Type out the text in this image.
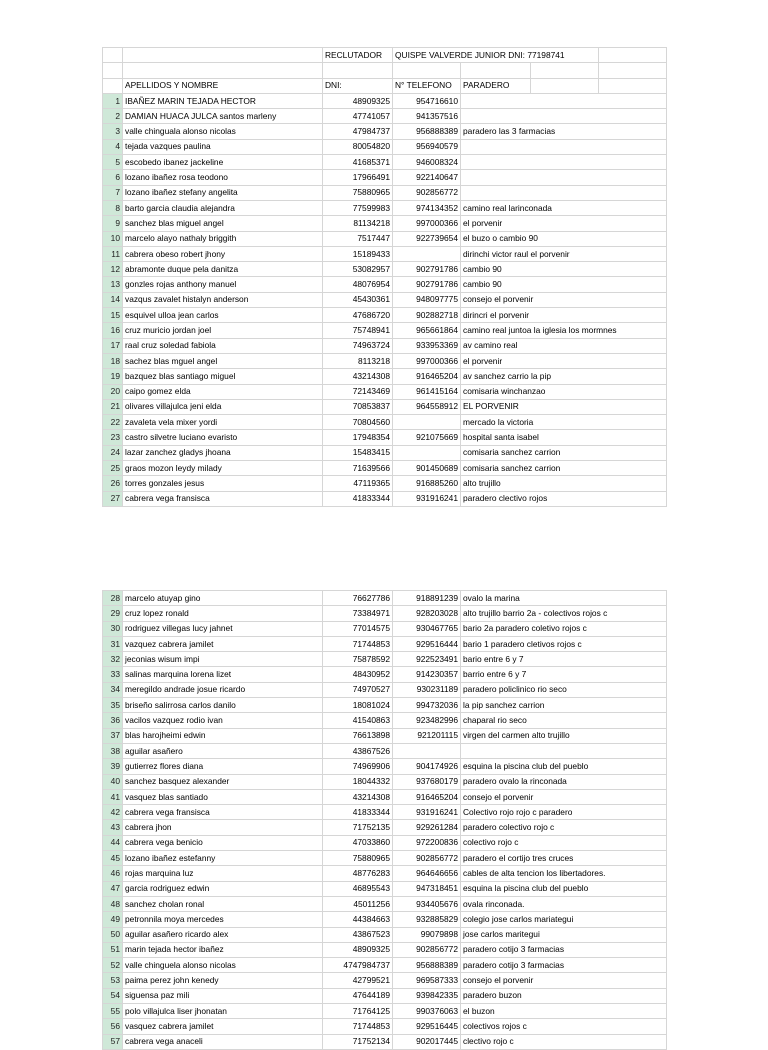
		RECLUTADOR	QUISPE VALVERDE JUNIOR DNI: 77198741			

	APELLIDOS Y NOMBRE	DNI:	N° TELEFONO	PARADERO		
1	IBAÑEZ MARIN TEJADA HECTOR	48909325	954716610			
2	DAMIAN HUACA JULCA santos marleny	47741057	941357516			
3	valle chinguala alonso nicolas	47984737	956888389	paradero las 3 farmacias		
4	tejada vazques paulina	80054820	956940579			
5	escobedo ibanez jackeline	41685371	946008324			
6	lozano ibañez rosa teodono	17966491	922140647			
7	lozano ibañez stefany angelita	75880965	902856772			
8	barto garcia claudia alejandra	77599983	974134352	camino real larinconada		
9	sanchez blas miguel angel	81134218	997000366	el porvenir		
10	marcelo alayo nathaly briggith	7517447	922739654	el buzo o cambio 90		
11	cabrera obeso robert jhony	15189433		dirinchi victor raul el porvenir		
12	abramonte duque pela danitza	53082957	902791786	cambio 90		
13	gonzles rojas anthony manuel	48076954	902791786	cambio 90		
14	vazqus zavalet histalyn anderson	45430361	948097775	consejo el porvenir		
15	esquivel ulloa jean carlos	47686720	902882718	dirincri el porvenir		
16	cruz muricio jordan joel	75748941	965661864	camino real juntoa la iglesia los mormnes		
17	raal cruz soledad fabiola	74963724	933953369	av camino real		
18	sachez blas mguel angel	8113218	997000366	el porvenir		
19	bazquez blas santiago miguel	43214308	916465204	av sanchez carrio la pip		
20	caipo gomez elda	72143469	961415164	comisaria winchanzao		
21	olivares villajulca jeni elda	70853837	964558912	EL PORVENIR		
22	zavaleta vela mixer yordi	70804560		mercado la victoria		
23	castro silvetre luciano evaristo	17948354	921075669	hospital santa isabel		
24	lazar zanchez gladys jhoana	15483415		comisaria sanchez carrion		
25	graos mozon leydy milady	71639566	901450689	comisaria sanchez carrion		
26	torres gonzales jesus	47119365	916885260	alto trujillo		
27	cabrera vega fransisca	41833344	931916241	paradero clectivo rojos		
28	marcelo atuyap gino	76627786	918891239	ovalo la marina
29	cruz lopez ronald	73384971	928203028	alto trujillo barrio 2a - colectivos rojos c
30	rodriguez villegas lucy jahnet	77014575	930467765	bario 2a paradero coletivo rojos c
31	vazquez cabrera jamilet	71744853	929516444	bario 1 paradero cletivos rojos c
32	jeconias wisum impi	75878592	922523491	bario entre 6 y 7
33	salinas marquina lorena lizet	48430952	914230357	barrio entre 6 y 7
34	meregildo andrade josue ricardo	74970527	930231189	paradero policlinico rio seco
35	briseño salirrosa carlos danilo	18081024	994732036	la pip sanchez carrion
36	vacilos vazquez rodio ivan	41540863	923482996	chaparal rio seco
37	blas harojheimi edwin	76613898	921201115	virgen del carmen alto trujillo
38	aguilar asañero	43867526		
39	gutierrez flores diana	74969906	904174926	esquina la piscina club del pueblo
40	sanchez basquez alexander	18044332	937680179	paradero ovalo la rinconada
41	vasquez blas santiado	43214308	916465204	consejo el porvenir
42	cabrera vega fransisca	41833344	931916241	Colectivo rojo rojo c paradero
43	cabrera jhon	71752135	929261284	paradero colectivo rojo c
44	cabrera vega benicio	47033860	972200836	colectivo rojo c
45	lozano ibañez estefanny	75880965	902856772	paradero el cortijo tres cruces
46	rojas marquina luz	48776283	964646656	cables de alta tencion los libertadores.
47	garcia rodriguez edwin	46895543	947318451	esquina la piscina club del pueblo
48	sanchez cholan ronal	45011256	934405676	ovala rinconada.
49	petronnila moya mercedes	44384663	932885829	colegio jose carlos mariategui
50	aguilar asañero ricardo alex	43867523	99079898	jose carlos maritegui
51	marin tejada hector ibañez	48909325	902856772	paradero cotijo 3 farmacias
52	valle chinguela alonso nicolas	4747984737	956888389	paradero cotijo 3 farmacias
53	paima perez john kenedy	42799521	969587333	consejo el porvenir
54	siguensa paz mili	47644189	939842335	paradero buzon
55	polo villajulca liser jhonatan	71764125	990376063	el buzon
56	vasquez cabrera jamilet	71744853	929516445	colectivos rojos c
57	cabrera vega anaceli	71752134	902017445	clectivo rojo c
